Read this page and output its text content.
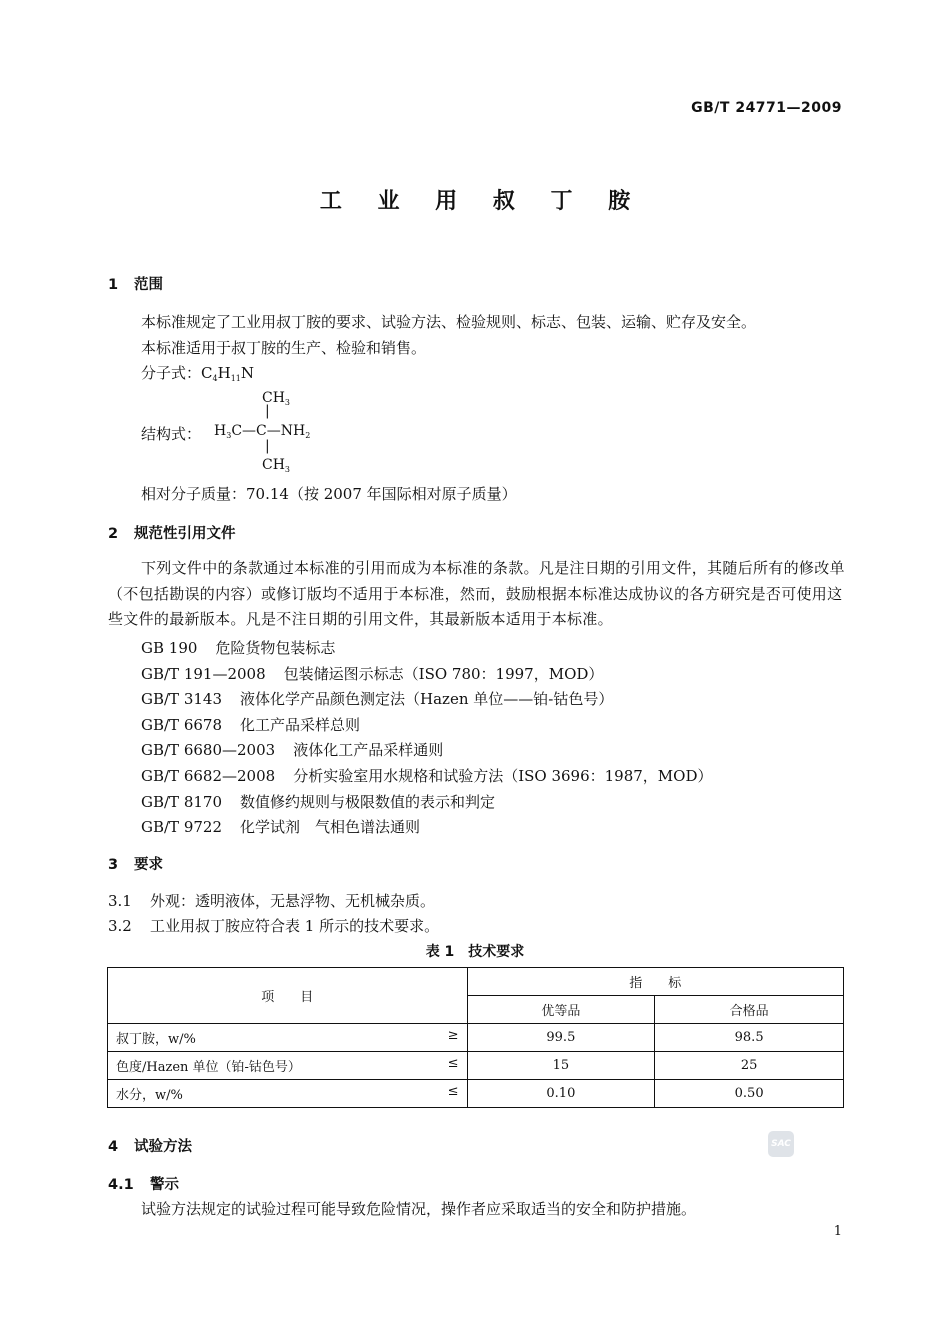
GB/T 24771—2009
工 业 用 叔 丁 胺
1 范围
本标准规定了工业用叔丁胺的要求、试验方法、检验规则、标志、包装、运输、贮存及安全。
本标准适用于叔丁胺的生产、检验和销售。
分子式：$C_4H_{11}N$
$CH_3$
|
结构式： $H_3C—C—NH_2$
|
$CH_3$
相对分子质量：70.14（按 2007 年国际相对原子质量）
2 规范性引用文件
下列文件中的条款通过本标准的引用而成为本标准的条款。凡是注日期的引用文件，其随后所有的修改单（不包括勘误的内容）或修订版均不适用于本标准，然而，鼓励根据本标准达成协议的各方研究是否可使用这些文件的最新版本。凡是不注日期的引用文件，其最新版本适用于本标准。
GB 190 危险货物包装标志
GB/T 191—2008 包装储运图示标志（ISO 780：1997，MOD）
GB/T 3143 液体化学产品颜色测定法（Hazen 单位——铂-钴色号）
GB/T 6678 化工产品采样总则
GB/T 6680—2003 液体化工产品采样通则
GB/T 6682—2008 分析实验室用水规格和试验方法（ISO 3696：1987，MOD）
GB/T 8170 数值修约规则与极限数值的表示和判定
GB/T 9722 化学试剂　气相色谱法通则
3 要求
3.1 外观：透明液体，无悬浮物、无机械杂质。
3.2 工业用叔丁胺应符合表 1 所示的技术要求。
表 1　技术要求
项　　目	指　　标	
	优等品	合格品

叔丁胺，w/% ≥	99.5	98.5

色度/Hazen 单位（铂-钴色号） ≤	15	25

水分，w/% ≤	0.10	0.50
4 试验方法	SAC
4.1 警示
试验方法规定的试验过程可能导致危险情况，操作者应采取适当的安全和防护措施。
1
